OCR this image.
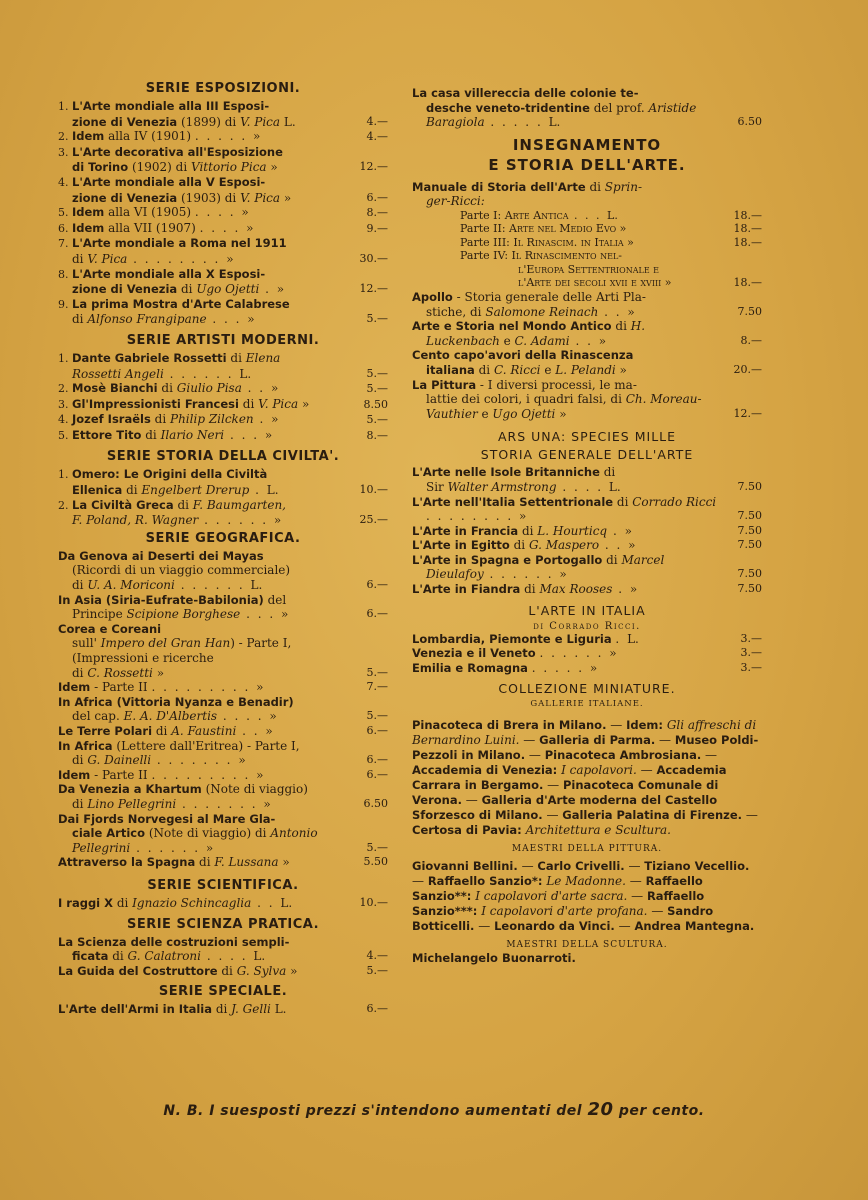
SERIE ESPOSIZIONI.
1. L'Arte mondiale alla III Esposi-
zione di Venezia (1899) di V. Pica L.	4.—
2. Idem alla IV (1901) . . . . . »	4.—
3. L'Arte decorativa all'Esposizione
di Torino (1902) di Vittorio Pica »	12.—
4. L'Arte mondiale alla V Esposi-
zione di Venezia (1903) di V. Pica »	6.—
5. Idem alla VI (1905) . . . . »	8.—
6. Idem alla VII (1907) . . . . »	9.—
7. L'Arte mondiale a Roma nel 1911
di V. Pica . . . . . . . . »	30.—
8. L'Arte mondiale alla X Esposi-
zione di Venezia di Ugo Ojetti . »	12.—
9. La prima Mostra d'Arte Calabrese
di Alfonso Frangipane . . . »	5.—
SERIE ARTISTI MODERNI.
1. Dante Gabriele Rossetti di Elena
Rossetti Angeli . . . . . . L.	5.—
2. Mosè Bianchi di Giulio Pisa . . »	5.—
3. Gl'Impressionisti Francesi di V. Pica »	8.50
4. Jozef Israëls di Philip Zilcken . »	5.—
5. Ettore Tito di Ilario Neri . . . »	8.—
SERIE STORIA DELLA CIVILTA'.
1. Omero: Le Origini della Civiltà
Ellenica di Engelbert Drerup . L.	10.—
2. La Civiltà Greca di F. Baumgarten,
F. Poland, R. Wagner . . . . . . »	25.—
SERIE GEOGRAFICA.
Da Genova ai Deserti dei Mayas
(Ricordi di un viaggio commerciale)
di U. A. Moriconi . . . . . . L.	6.—
In Asia (Siria-Eufrate-Babilonia) del
Principe Scipione Borghese . . . »	6.—
Corea e Coreani
sull' Impero del Gran Han) - Parte I, (Impressioni e ricerche
di C. Rossetti »	5.—
Idem - Parte II . . . . . . . . . »	7.—
In Africa (Vittoria Nyanza e Benadir)
del cap. E. A. D'Albertis . . . . »	5.—
Le Terre Polari di A. Faustini . . »	6.—
In Africa (Lettere dall'Eritrea) - Parte I,
di G. Dainelli . . . . . . . »	6.—
Idem - Parte II . . . . . . . . . »	6.—
Da Venezia a Khartum (Note di viaggio)
di Lino Pellegrini . . . . . . . »	6.50
Dai Fjords Norvegesi al Mare Gla-
ciale Artico (Note di viaggio) di Antonio Pellegrini . . . . . . »	5.—
Attraverso la Spagna di F. Lussana »	5.50
SERIE SCIENTIFICA.
I raggi X di Ignazio Schincaglia . . L.	10.—
SERIE SCIENZA PRATICA.
La Scienza delle costruzioni sempli-
ficata di G. Calatroni . . . . L.	4.—
La Guida del Costruttore di G. Sylva »	5.—
SERIE SPECIALE.
L'Arte dell'Armi in Italia di J. Gelli L.	6.—
La casa villereccia delle colonie te-
desche veneto-tridentine del prof. Aristide Baragiola . . . . . L.	6.50
INSEGNAMENTO
E STORIA DELL'ARTE.
Manuale di Storia dell'Arte di Sprin-
ger-Ricci:
Parte I: Arte Antica . . . L.	18.—
Parte II: Arte nel Medio Evo »	18.—
Parte III: Il Rinascim. in Italia »	18.—
Parte IV: Il Rinascimento nel-
l'Europa Settentrionale e
l'Arte dei secoli xvii e xviii »	18.—
Apollo - Storia generale delle Arti Pla-
stiche, di Salomone Reinach . . »	7.50
Arte e Storia nel Mondo Antico di H. Luckenbach e C. Adami . . »	8.—
Cento capo'avori della Rinascenza
italiana di C. Ricci e L. Pelandi »	20.—
La Pittura - I diversi processi, le ma-
lattie dei colori, i quadri falsi, di Ch. Moreau-Vauthier e Ugo Ojetti »	12.—
ARS UNA: SPECIES MILLE
STORIA GENERALE DELL'ARTE
L'Arte nelle Isole Britanniche di
Sir Walter Armstrong . . . . L.	7.50
L'Arte nell'Italia Settentrionale di Corrado Ricci . . . . . . . . »	7.50
L'Arte in Francia di L. Hourticq . »	7.50
L'Arte in Egitto di G. Maspero . . »	7.50
L'Arte in Spagna e Portogallo di Marcel Dieulafoy . . . . . . »	7.50
L'Arte in Fiandra di Max Rooses . »	7.50
L'ARTE IN ITALIA
di Corrado Ricci.
Lombardia, Piemonte e Liguria . L.	3.—
Venezia e il Veneto . . . . . . »	3.—
Emilia e Romagna . . . . . »	3.—
COLLEZIONE MINIATURE.
GALLERIE ITALIANE.
Pinacoteca di Brera in Milano. — Idem: Gli affreschi di Bernardino Luini. — Galleria di Parma. — Museo Poldi-Pezzoli in Milano. — Pinacoteca Ambrosiana. — Accademia di Venezia: I capolavori. — Accademia Carrara in Bergamo. — Pinacoteca Comunale di Verona. — Galleria d'Arte moderna del Castello Sforzesco di Milano. — Galleria Palatina di Firenze. — Certosa di Pavia: Architettura e Scultura.
MAESTRI DELLA PITTURA.
Giovanni Bellini. — Carlo Crivelli. — Tiziano Vecellio. — Raffaello Sanzio*: Le Madonne. — Raffaello Sanzio**: I capolavori d'arte sacra. — Raffaello Sanzio***: I capolavori d'arte profana. — Sandro Botticelli. — Leonardo da Vinci. — Andrea Mantegna.
MAESTRI DELLA SCULTURA.
Michelangelo Buonarroti.
N. B. I suesposti prezzi s'intendono aumentati del 20 per cento.
